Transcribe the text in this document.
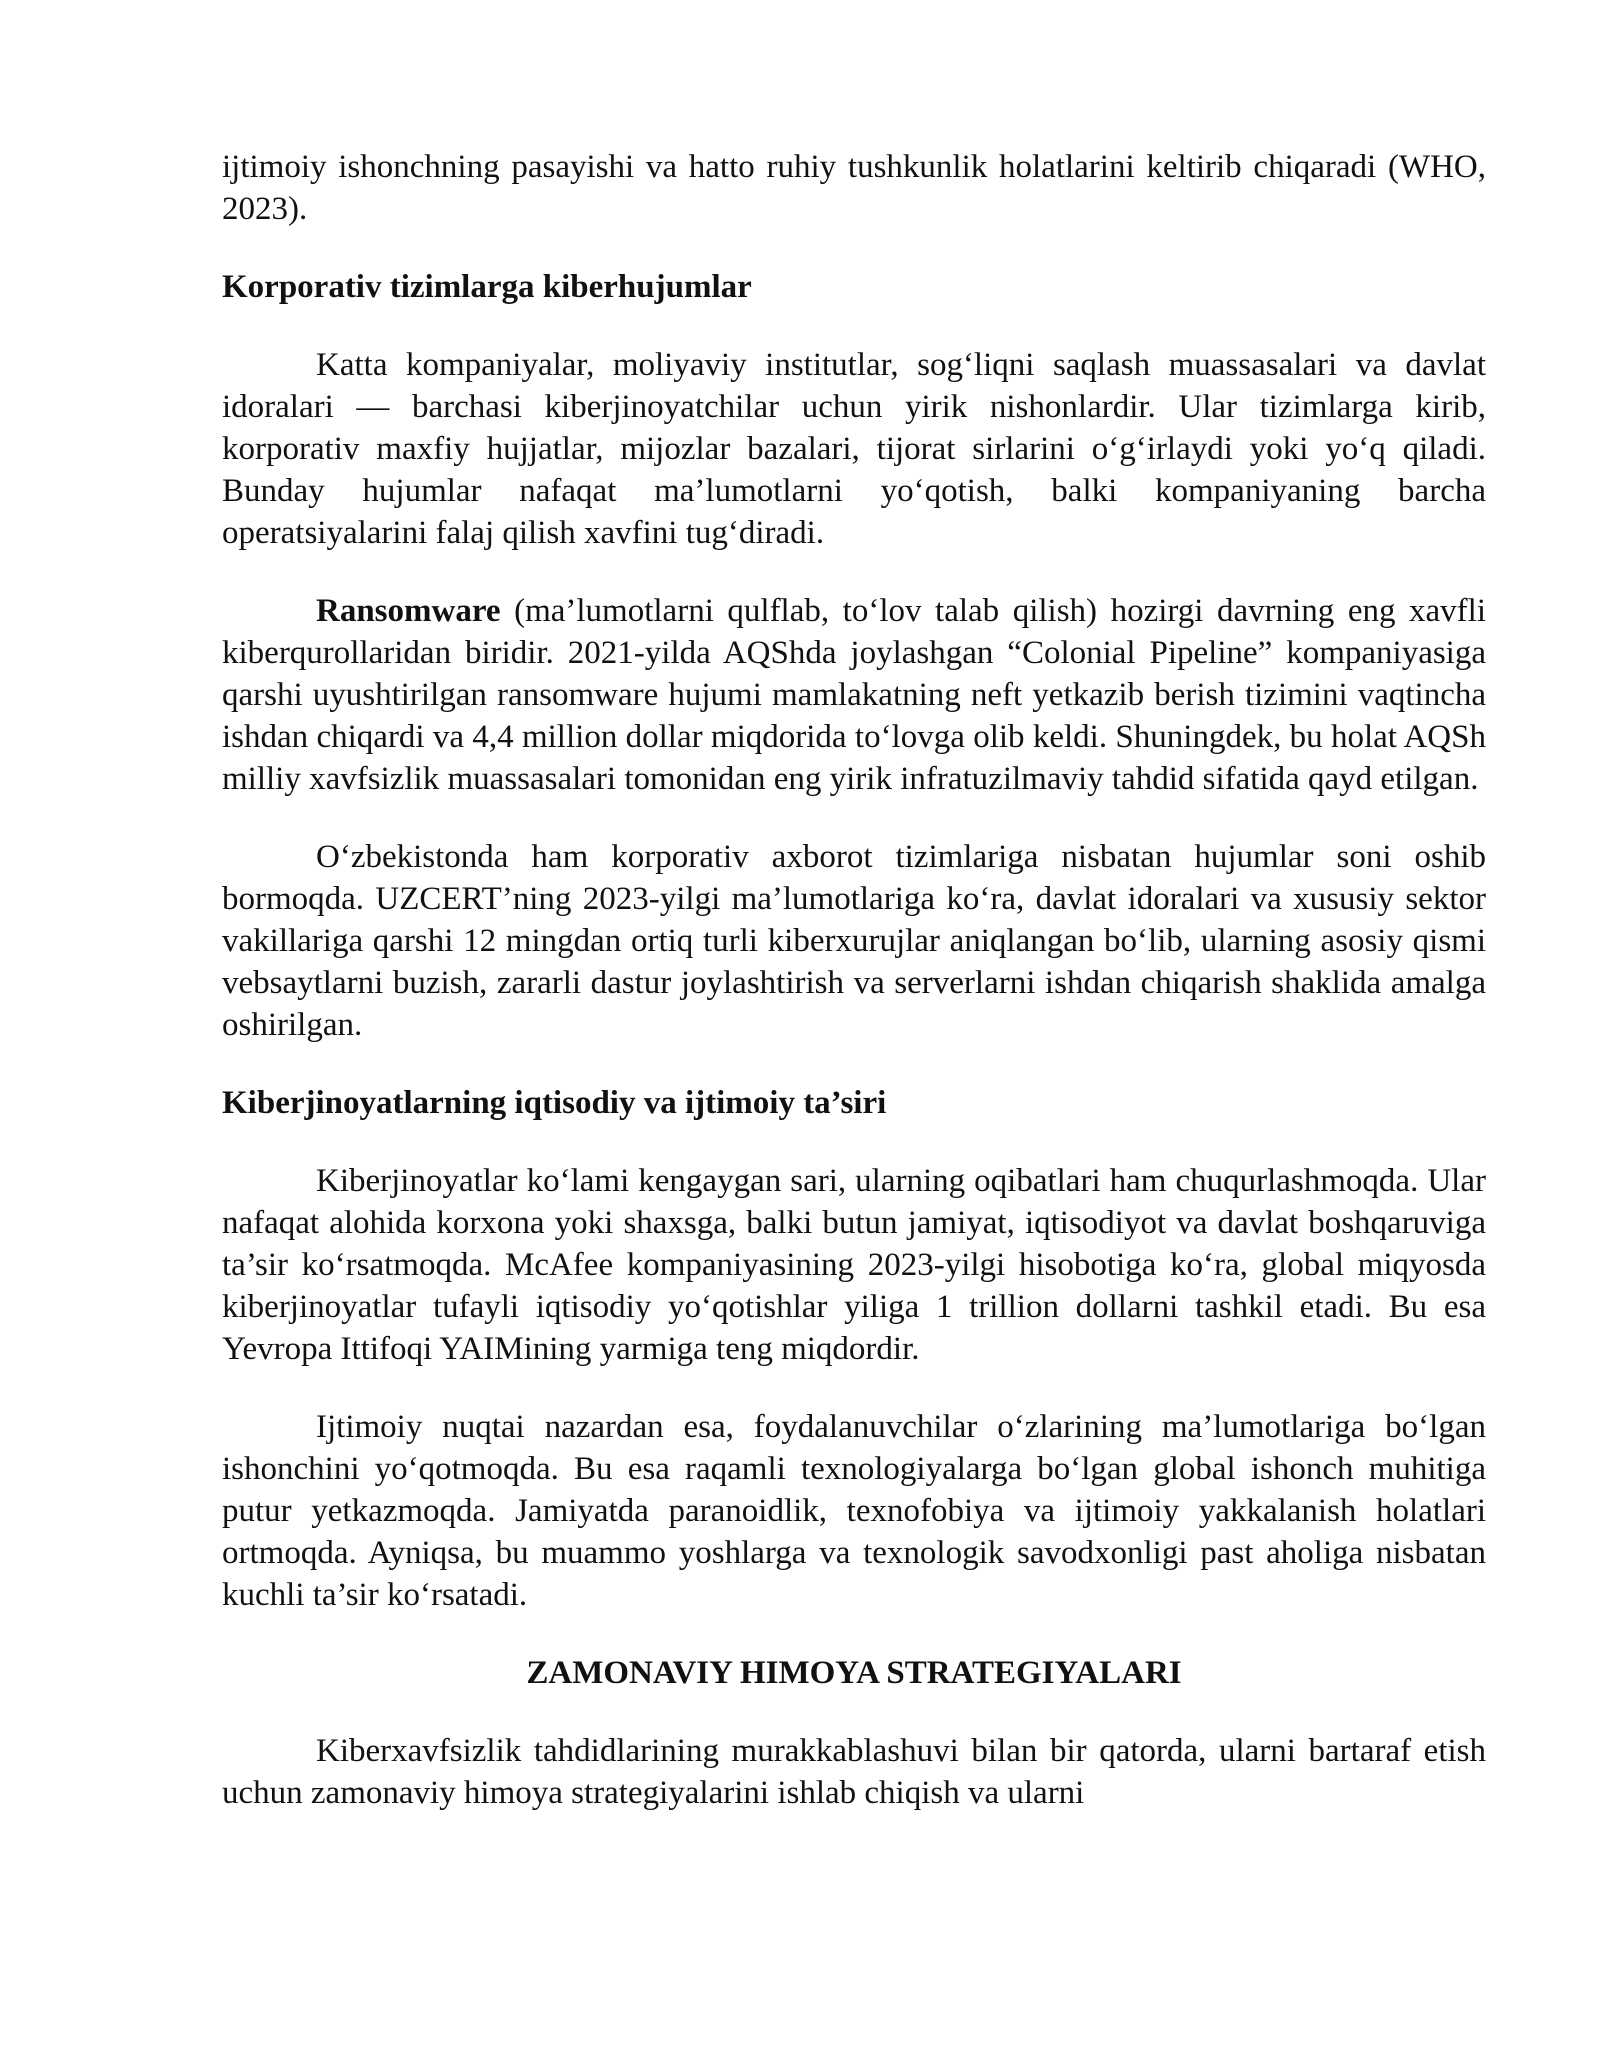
ijtimoiy ishonchning pasayishi va hatto ruhiy tushkunlik holatlarini keltirib chiqaradi (WHO, 2023).

Korporativ tizimlarga kiberhujumlar

Katta kompaniyalar, moliyaviy institutlar, sog‘liqni saqlash muassasalari va davlat idoralari — barchasi kiberjinoyatchilar uchun yirik nishonlardir. Ular tizimlarga kirib, korporativ maxfiy hujjatlar, mijozlar bazalari, tijorat sirlarini o‘g‘irlaydi yoki yo‘q qiladi. Bunday hujumlar nafaqat ma’lumotlarni yo‘qotish, balki kompaniyaning barcha operatsiyalarini falaj qilish xavfini tug‘diradi.

Ransomware (ma’lumotlarni qulflab, to‘lov talab qilish) hozirgi davrning eng xavfli kiberqurollaridan biridir. 2021-yilda AQShda joylashgan “Colonial Pipeline” kompaniyasiga qarshi uyushtirilgan ransomware hujumi mamlakatning neft yetkazib berish tizimini vaqtincha ishdan chiqardi va 4,4 million dollar miqdorida to‘lovga olib keldi. Shuningdek, bu holat AQSh milliy xavfsizlik muassasalari tomonidan eng yirik infratuzilmaviy tahdid sifatida qayd etilgan.

O‘zbekistonda ham korporativ axborot tizimlariga nisbatan hujumlar soni oshib bormoqda. UZCERT’ning 2023-yilgi ma’lumotlariga ko‘ra, davlat idoralari va xususiy sektor vakillariga qarshi 12 mingdan ortiq turli kiberxurujlar aniqlangan bo‘lib, ularning asosiy qismi vebsaytlarni buzish, zararli dastur joylashtirish va serverlarni ishdan chiqarish shaklida amalga oshirilgan.

Kiberjinoyatlarning iqtisodiy va ijtimoiy ta’siri

Kiberjinoyatlar ko‘lami kengaygan sari, ularning oqibatlari ham chuqurlashmoqda. Ular nafaqat alohida korxona yoki shaxsga, balki butun jamiyat, iqtisodiyot va davlat boshqaruviga ta’sir ko‘rsatmoqda. McAfee kompaniyasining 2023-yilgi hisobotiga ko‘ra, global miqyosda kiberjinoyatlar tufayli iqtisodiy yo‘qotishlar yiliga 1 trillion dollarni tashkil etadi. Bu esa Yevropa Ittifoqi YAIMining yarmiga teng miqdordir.

Ijtimoiy nuqtai nazardan esa, foydalanuvchilar o‘zlarining ma’lumotlariga bo‘lgan ishonchini yo‘qotmoqda. Bu esa raqamli texnologiyalarga bo‘lgan global ishonch muhitiga putur yetkazmoqda. Jamiyatda paranoidlik, texnofobiya va ijtimoiy yakkalanish holatlari ortmoqda. Ayniqsa, bu muammo yoshlarga va texnologik savodxonligi past aholiga nisbatan kuchli ta’sir ko‘rsatadi.

ZAMONAVIY HIMOYA STRATEGIYALARI

Kiberxavfsizlik tahdidlarining murakkablashuvi bilan bir qatorda, ularni bartaraf etish uchun zamonaviy himoya strategiyalarini ishlab chiqish va ularni
